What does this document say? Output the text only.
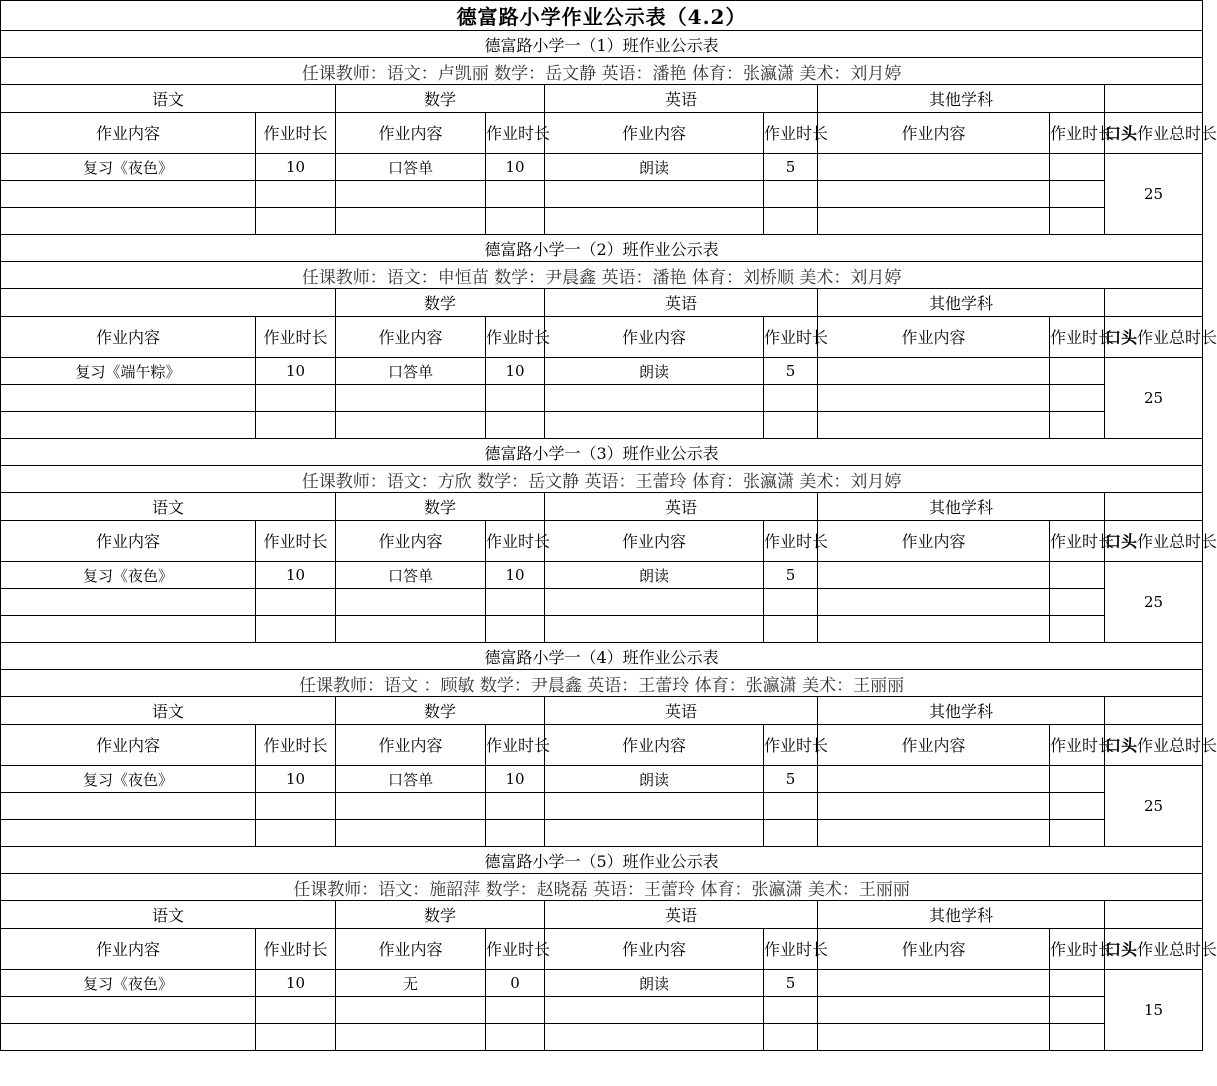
德富路小学作业公示表（4.2）								
德富路小学一（1）班作业公示表								
任课教师：语文：卢凯丽 数学：岳文静 英语：潘艳 体育：张瀛潇 美术：刘月婷								
语文		数学		英语		其他学科		
作业内容	作业时长	作业内容	作业时长	作业内容	作业时长	作业内容	作业时长	口头作业总时长
复习《夜色》	10	口答单	10	朗读	5			25

德富路小学一（2）班作业公示表								
任课教师：语文：申恒苗 数学：尹晨鑫 英语：潘艳 体育：刘桥顺 美术：刘月婷								
		数学		英语		其他学科		
作业内容	作业时长	作业内容	作业时长	作业内容	作业时长	作业内容	作业时长	口头作业总时长
复习《端午粽》	10	口答单	10	朗读	5			25

德富路小学一（3）班作业公示表								
任课教师：语文：方欣 数学：岳文静 英语：王蕾玲 体育：张瀛潇 美术：刘月婷								
语文		数学		英语		其他学科		
作业内容	作业时长	作业内容	作业时长	作业内容	作业时长	作业内容	作业时长	口头作业总时长
复习《夜色》	10	口答单	10	朗读	5			25

德富路小学一（4）班作业公示表								
任课教师：语文 ：顾敏 数学：尹晨鑫 英语：王蕾玲 体育：张瀛潇 美术：王丽丽								
语文		数学		英语		其他学科		
作业内容	作业时长	作业内容	作业时长	作业内容	作业时长	作业内容	作业时长	口头作业总时长
复习《夜色》	10	口答单	10	朗读	5			25

德富路小学一（5）班作业公示表								
任课教师：语文：施韶萍 数学：赵晓磊 英语：王蕾玲 体育：张瀛潇 美术：王丽丽								
语文		数学		英语		其他学科		
作业内容	作业时长	作业内容	作业时长	作业内容	作业时长	作业内容	作业时长	口头作业总时长
复习《夜色》	10	无	0	朗读	5			15
